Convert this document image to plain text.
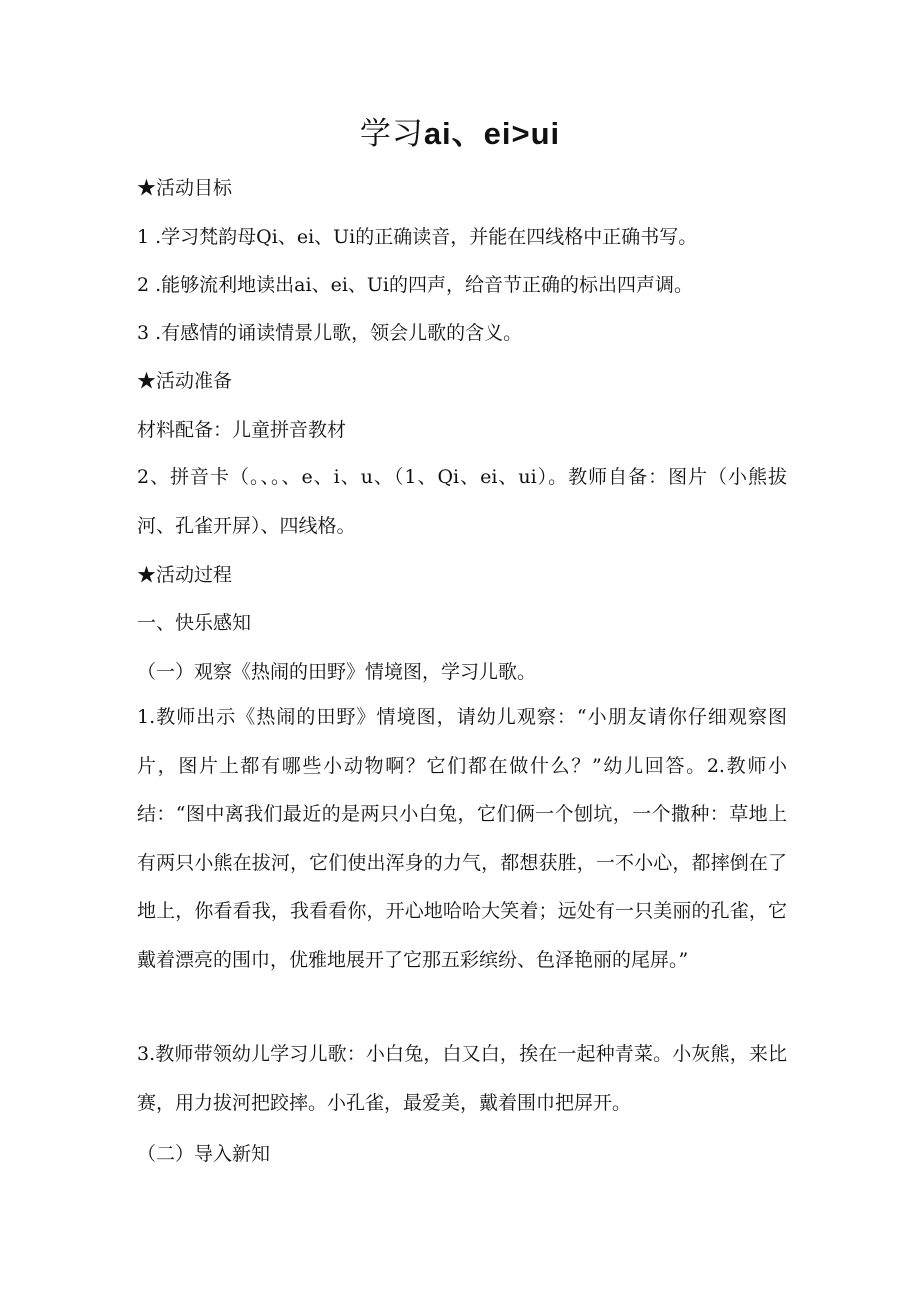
学习ai、ei>ui
★活动目标
1 .学习梵韵母Qi、ei、Ui的正确读音，并能在四线格中正确书写。
2 .能够流利地读出ai、ei、Ui的四声，给音节正确的标出四声调。
3 .有感情的诵读情景儿歌，领会儿歌的含义。
★活动准备
材料配备：儿童拼音教材
2、拼音卡（。、。、e、i、u、（1、Qi、ei、ui）。教师自备：图片（小熊拔河、孔雀开屏）、四线格。
★活动过程
一、快乐感知
（一）观察《热闹的田野》情境图，学习儿歌。
1.教师出示《热闹的田野》情境图，请幼儿观察：“小朋友请你仔细观察图片，图片上都有哪些小动物啊？它们都在做什么？”幼儿回答。2.教师小结：“图中离我们最近的是两只小白兔，它们俩一个刨坑，一个撒种：草地上有两只小熊在拔河，它们使出浑身的力气，都想获胜，一不小心，都摔倒在了地上，你看看我，我看看你，开心地哈哈大笑着；远处有一只美丽的孔雀，它戴着漂亮的围巾，优雅地展开了它那五彩缤纷、色泽艳丽的尾屏。”
3.教师带领幼儿学习儿歌：小白兔，白又白，挨在一起种青菜。小灰熊，来比赛，用力拔河把跤摔。小孔雀，最爱美，戴着围巾把屏开。
（二）导入新知
